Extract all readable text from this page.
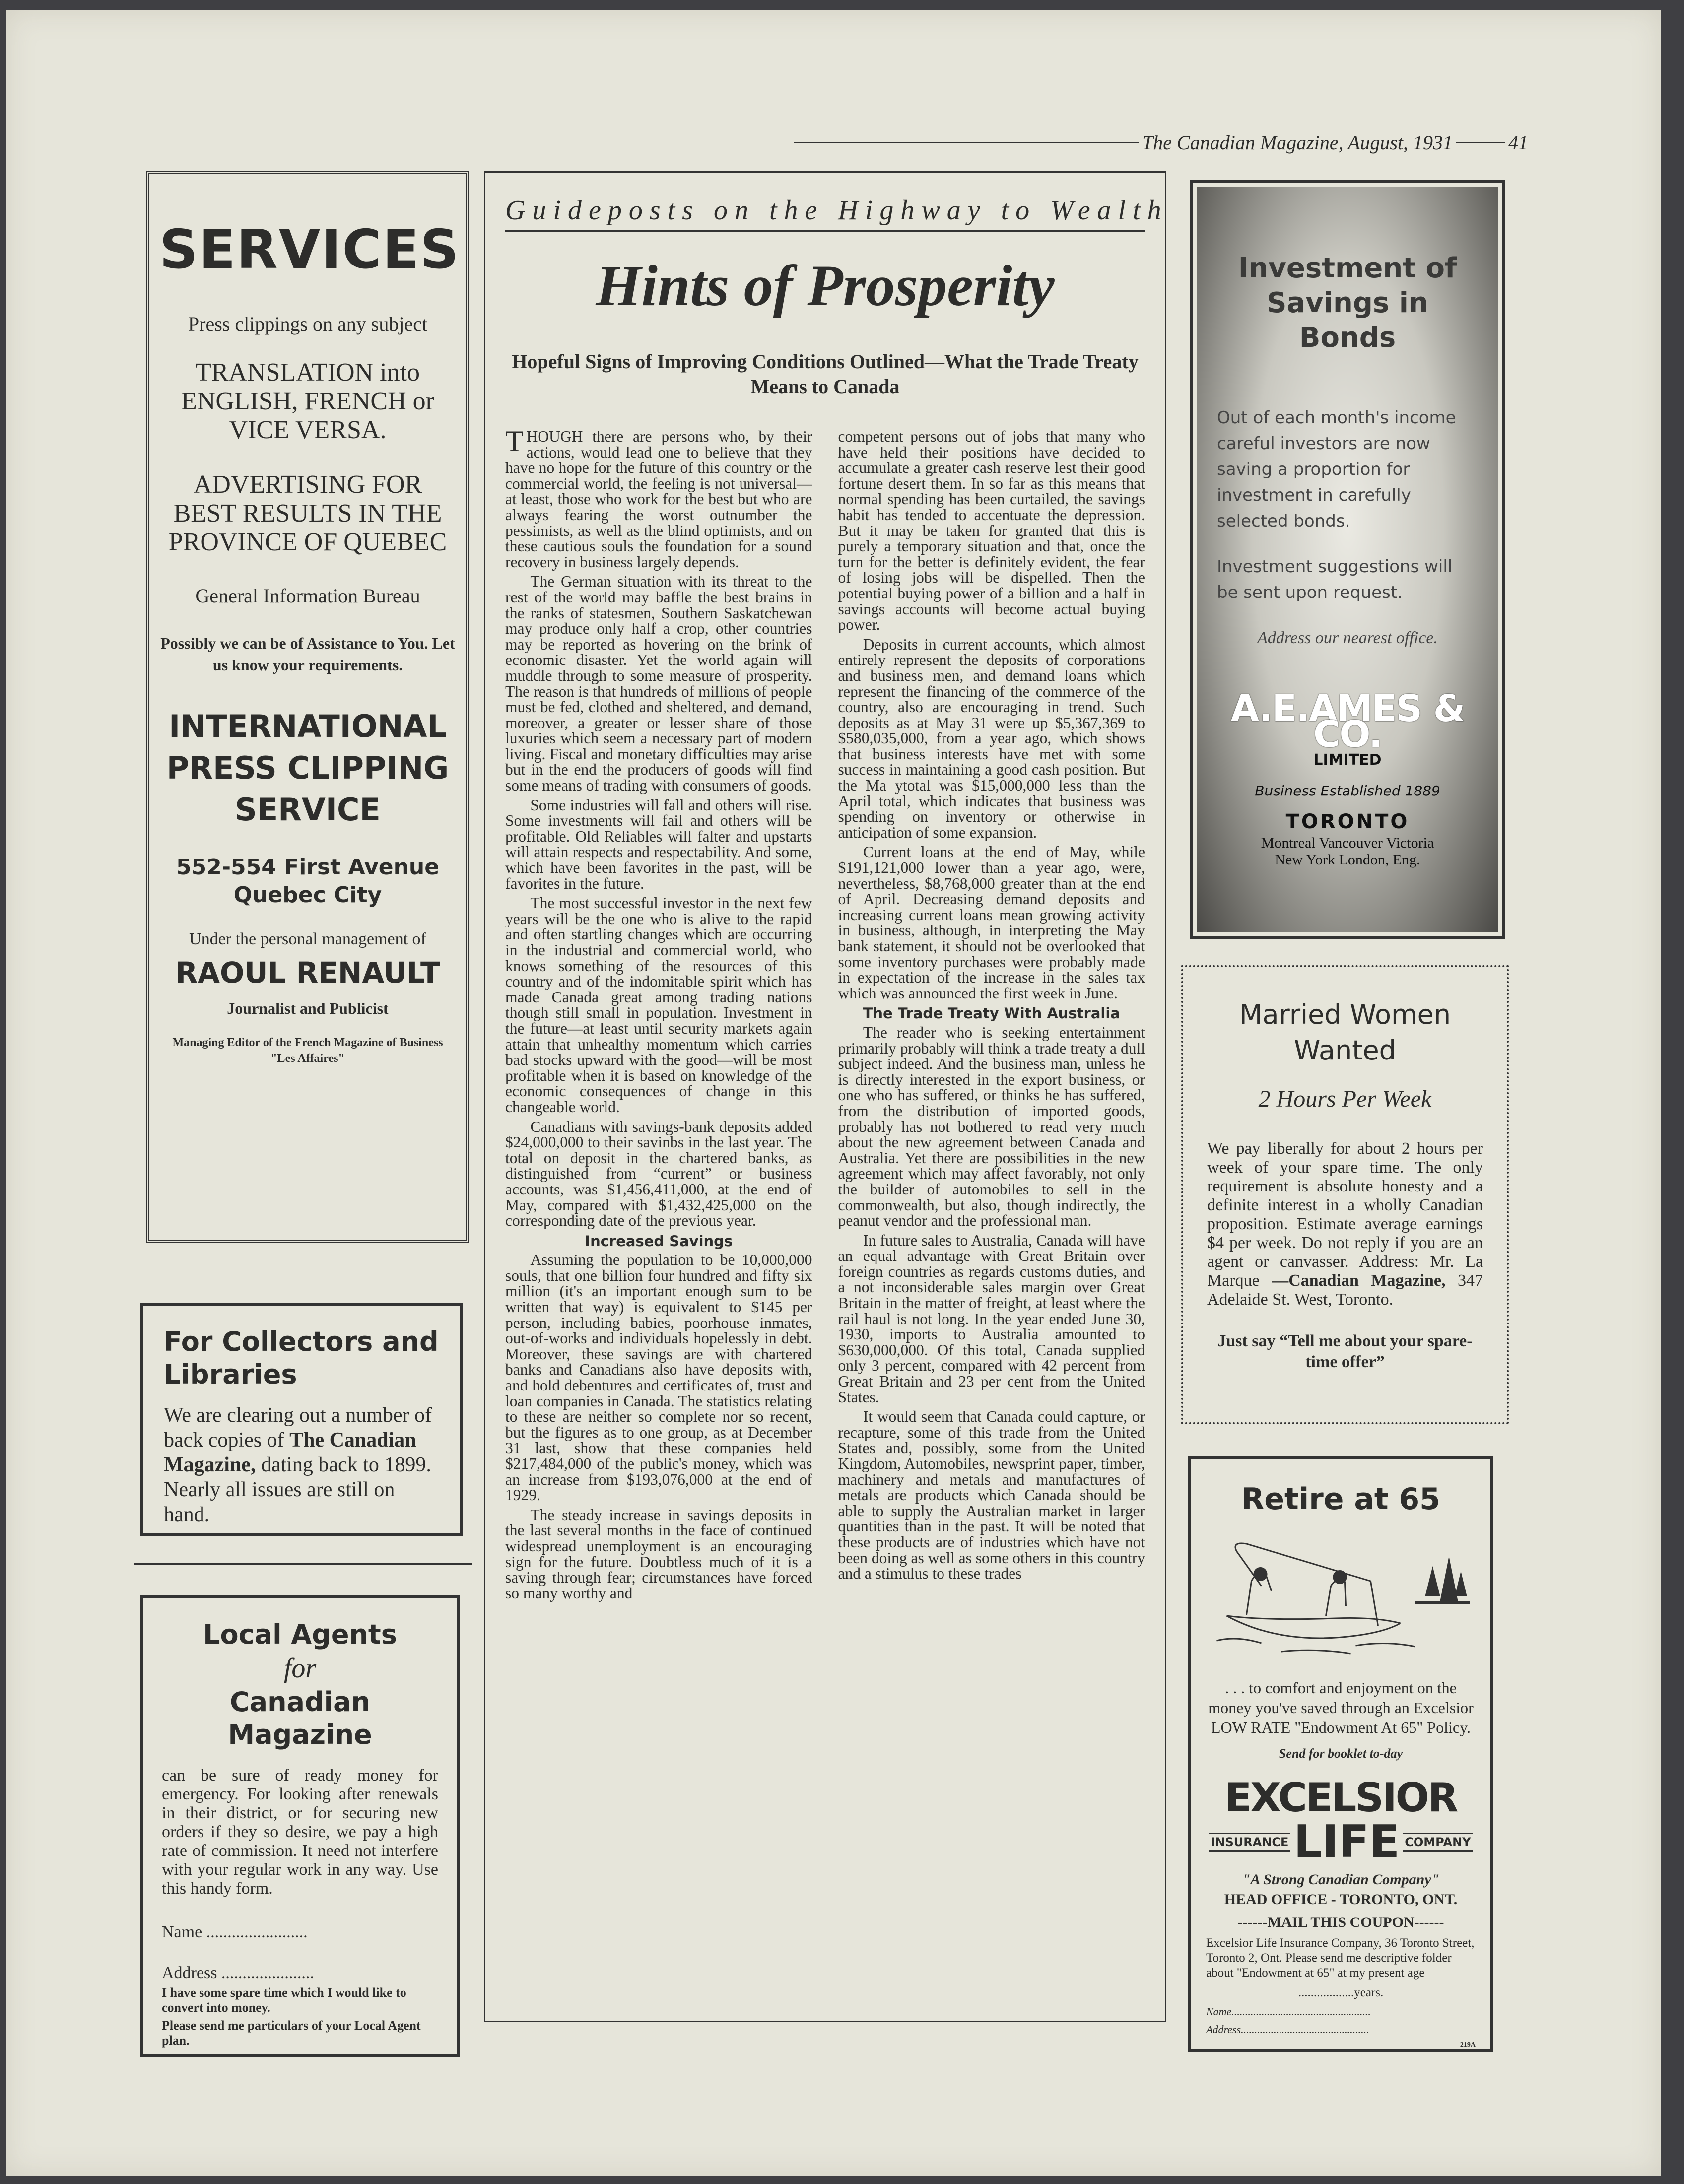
The Canadian Magazine, August, 1931	41
SERVICES

Press clippings on any subject

TRANSLATION into ENGLISH, FRENCH or VICE VERSA.

ADVERTISING FOR BEST RESULTS IN THE PROVINCE OF QUEBEC

General Information Bureau

Possibly we can be of Assistance to You. Let us know your requirements.

INTERNATIONAL PRESS CLIPPING SERVICE

552-554 First Avenue Quebec City

Under the personal management of

RAOUL RENAULT

Journalist and Publicist

Managing Editor of the French Magazine of Business "Les Affaires"

For Collectors and Libraries

We are clearing out a number of back copies of The Canadian Magazine, dating back to 1899. Nearly all issues are still on hand.

Local Agents
for
Canadian Magazine
can be sure of ready money for emergency. For looking after renewals in their district, or for securing new orders if they so desire, we pay a high rate of commission. It need not interfere with your regular work in any way. Use this handy form.
Name ........................
Address ......................
I have some spare time which I would like to convert into money.
Please send me particulars of your Local Agent plan.
Guideposts on the Highway to Wealth
Hints of Prosperity

Hopeful Signs of Improving Conditions Outlined—What the Trade Treaty Means to Canada

THOUGH there are persons who, by their actions, would lead one to believe that they have no hope for the future of this country or the commercial world, the feeling is not universal—at least, those who work for the best but who are always fearing the worst outnumber the pessimists, as well as the blind optimists, and on these cautious souls the foundation for a sound recovery in business largely depends.

The German situation with its threat to the rest of the world may baffle the best brains in the ranks of statesmen, Southern Saskatchewan may produce only half a crop, other countries may be reported as hovering on the brink of economic disaster. Yet the world again will muddle through to some measure of prosperity. The reason is that hundreds of millions of people must be fed, clothed and sheltered, and demand, moreover, a greater or lesser share of those luxuries which seem a necessary part of modern living. Fiscal and monetary difficulties may arise but in the end the producers of goods will find some means of trading with consumers of goods.

Some industries will fall and others will rise. Some investments will fail and others will be profitable. Old Reliables will falter and upstarts will attain respects and respectability. And some, which have been favorites in the past, will be favorites in the future.

The most successful investor in the next few years will be the one who is alive to the rapid and often startling changes which are occurring in the industrial and commercial world, who knows something of the resources of this country and of the indomitable spirit which has made Canada great among trading nations though still small in population. Investment in the future—at least until security markets again attain that unhealthy momentum which carries bad stocks upward with the good—will be most profitable when it is based on knowledge of the economic consequences of change in this changeable world.

Canadians with savings-bank deposits added $24,000,000 to their savinbs in the last year. The total on deposit in the chartered banks, as distinguished from “current” or business accounts, was $1,456,411,000, at the end of May, compared with $1,432,425,000 on the corresponding date of the previous year.

Increased Savings

Assuming the population to be 10,000,000 souls, that one billion four hundred and fifty six million (it's an important enough sum to be written that way) is equivalent to $145 per person, including babies, poorhouse inmates, out-of-works and individuals hopelessly in debt. Moreover, these savings are with chartered banks and Canadians also have deposits with, and hold debentures and certificates of, trust and loan companies in Canada. The statistics relating to these are neither so complete nor so recent, but the figures as to one group, as at December 31 last, show that these companies held $217,484,000 of the public's money, which was an increase from $193,076,000 at the end of 1929.

The steady increase in savings deposits in the last several months in the face of continued widespread unemployment is an encouraging sign for the future. Doubtless much of it is a saving through fear; circumstances have forced so many worthy and

competent persons out of jobs that many who have held their positions have decided to accumulate a greater cash reserve lest their good fortune desert them. In so far as this means that normal spending has been curtailed, the savings habit has tended to accentuate the depression. But it may be taken for granted that this is purely a temporary situation and that, once the turn for the better is definitely evident, the fear of losing jobs will be dispelled. Then the potential buying power of a billion and a half in savings accounts will become actual buying power.

Deposits in current accounts, which almost entirely represent the deposits of corporations and business men, and demand loans which represent the financing of the commerce of the country, also are encouraging in trend. Such deposits as at May 31 were up $5,367,369 to $580,035,000, from a year ago, which shows that business interests have met with some success in maintaining a good cash position. But the Ma ytotal was $15,000,000 less than the April total, which indicates that business was spending on inventory or otherwise in anticipation of some expansion.

Current loans at the end of May, while $191,121,000 lower than a year ago, were, nevertheless, $8,768,000 greater than at the end of April. Decreasing demand deposits and increasing current loans mean growing activity in business, although, in interpreting the May bank statement, it should not be overlooked that some inventory purchases were probably made in expectation of the increase in the sales tax which was announced the first week in June.

The Trade Treaty With Australia

The reader who is seeking entertainment primarily probably will think a trade treaty a dull subject indeed. And the business man, unless he is directly interested in the export business, or one who has suffered, or thinks he has suffered, from the distribution of imported goods, probably has not bothered to read very much about the new agreement between Canada and Australia. Yet there are possibilities in the new agreement which may affect favorably, not only the builder of automobiles to sell in the commonwealth, but also, though indirectly, the peanut vendor and the professional man.

In future sales to Australia, Canada will have an equal advantage with Great Britain over foreign countries as regards customs duties, and a not inconsiderable sales margin over Great Britain in the matter of freight, at least where the rail haul is not long. In the year ended June 30, 1930, imports to Australia amounted to $630,000,000. Of this total, Canada supplied only 3 percent, compared with 42 percent from Great Britain and 23 per cent from the United States.

It would seem that Canada could capture, or recapture, some of this trade from the United States and, possibly, some from the United Kingdom, Automobiles, newsprint paper, timber, machinery and metals and manufactures of metals are products which Canada should be able to supply the Australian market in larger quantities than in the past. It will be noted that these products are of industries which have not been doing as well as some others in this country and a stimulus to these trades

Investment of Savings in Bonds

Out of each month's income careful investors are now saving a proportion for investment in carefully selected bonds.

Investment suggestions will be sent upon request.

Address our nearest office.

A.E.AMES & CO.

LIMITED

Business Established 1889

TORONTO

Montreal Vancouver Victoria
New York London, Eng.
Married Women Wanted
2 Hours Per Week
We pay liberally for about 2 hours per week of your spare time. The only requirement is absolute honesty and a definite interest in a wholly Canadian proposition. Estimate average earnings $4 per week. Do not reply if you are an agent or canvasser. Address: Mr. La Marque —Canadian Magazine, 347 Adelaide St. West, Toronto.
Just say “Tell me about your spare-time offer”
Retire at 65
. . . to comfort and enjoyment on the money you've saved through an Excelsior LOW RATE "Endowment At 65" Policy.
Send for booklet to-day
EXCELSIOR
INSURANCE LIFE COMPANY
"A Strong Canadian Company"
HEAD OFFICE - TORONTO, ONT.
------MAIL THIS COUPON------
Excelsior Life Insurance Company, 36 Toronto Street, Toronto 2, Ont. Please send me descriptive folder about "Endowment at 65" at my present age
..................years.
Name...................................................
Address...............................................
219A
